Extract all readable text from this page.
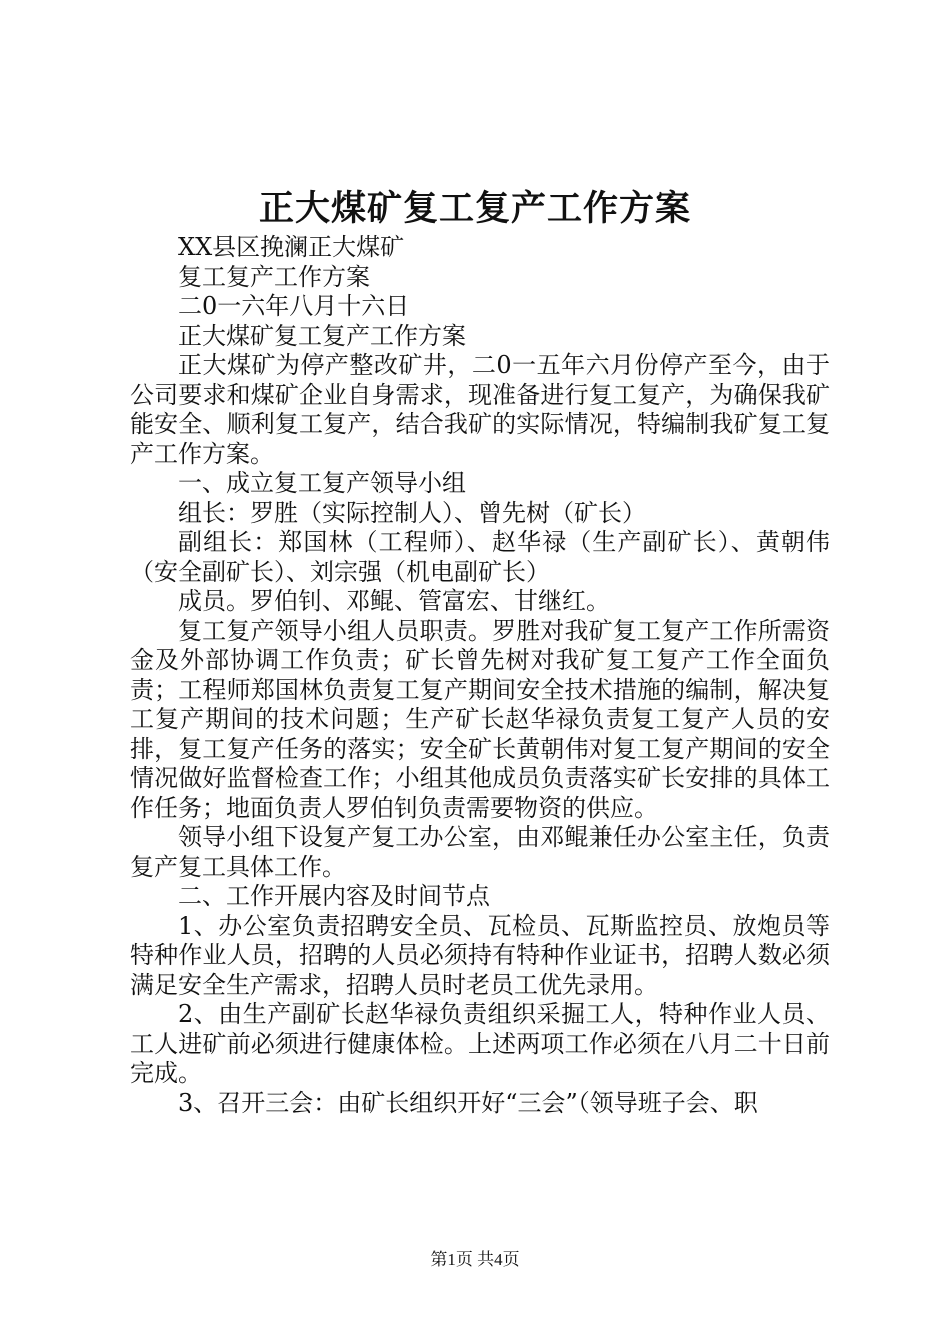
正大煤矿复工复产工作方案

XX县区挽澜正大煤矿

复工复产工作方案

二0一六年八月十六日

正大煤矿复工复产工作方案

正大煤矿为停产整改矿井，二0一五年六月份停产至今，由于公司要求和煤矿企业自身需求，现准备进行复工复产，为确保我矿能安全、顺利复工复产，结合我矿的实际情况，特编制我矿复工复产工作方案。

一、成立复工复产领导小组

组长：罗胜（实际控制人）、曾先树（矿长）

副组长：郑国林（工程师）、赵华禄（生产副矿长）、黄朝伟（安全副矿长）、刘宗强（机电副矿长）

成员。罗伯钊、邓鲲、管富宏、甘继红。

复工复产领导小组人员职责。罗胜对我矿复工复产工作所需资金及外部协调工作负责；矿长曾先树对我矿复工复产工作全面负责；工程师郑国林负责复工复产期间安全技术措施的编制，解决复工复产期间的技术问题；生产矿长赵华禄负责复工复产人员的安排，复工复产任务的落实；安全矿长黄朝伟对复工复产期间的安全情况做好监督检查工作；小组其他成员负责落实矿长安排的具体工作任务；地面负责人罗伯钊负责需要物资的供应。

领导小组下设复产复工办公室，由邓鲲兼任办公室主任，负责复产复工具体工作。

二、工作开展内容及时间节点

1、办公室负责招聘安全员、瓦检员、瓦斯监控员、放炮员等特种作业人员，招聘的人员必须持有特种作业证书，招聘人数必须满足安全生产需求，招聘人员时老员工优先录用。

2、由生产副矿长赵华禄负责组织采掘工人，特种作业人员、工人进矿前必须进行健康体检。上述两项工作必须在八月二十日前完成。

3、召开三会：由矿长组织开好“三会”（领导班子会、职

第1页 共4页
